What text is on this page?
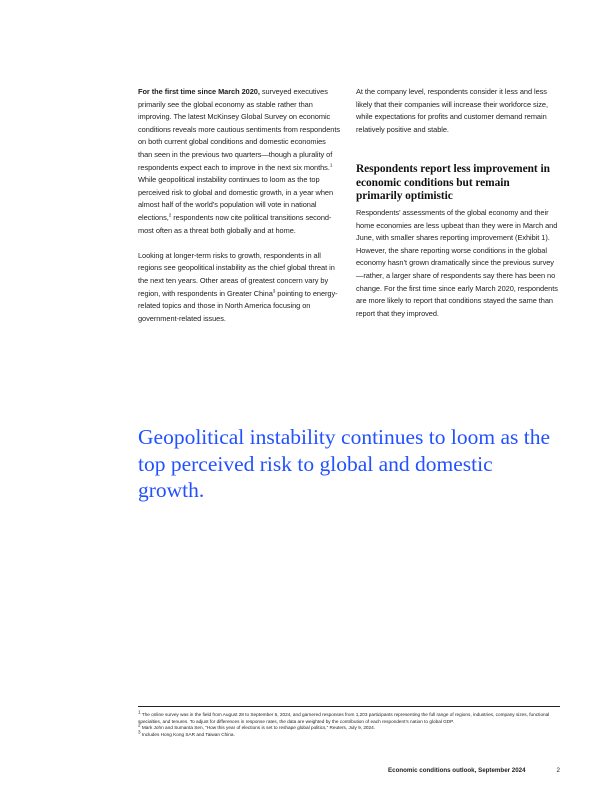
For the first time since March 2020, surveyed executives primarily see the global economy as stable rather than improving. The latest McKinsey Global Survey on economic conditions reveals more cautious sentiments from respondents on both current global conditions and domestic economies than seen in the previous two quarters—though a plurality of respondents expect each to improve in the next six months.$^1$ While geopolitical instability continues to loom as the top perceived risk to global and domestic growth, in a year when almost half of the world’s population will vote in national elections,$^2$ respondents now cite political transitions second-most often as a threat both globally and at home.

Looking at longer-term risks to growth, respondents in all regions see geopolitical instability as the chief global threat in the next ten years. Other areas of greatest concern vary by region, with respondents in Greater China$^3$ pointing to energy-related topics and those in North America focusing on government-related issues.

At the company level, respondents consider it less and less likely that their companies will increase their workforce size, while expectations for profits and customer demand remain relatively positive and stable.

Respondents report less improvement in economic conditions but remain primarily optimistic

Respondents’ assessments of the global economy and their home economies are less upbeat than they were in March and June, with smaller shares reporting improvement (Exhibit 1). However, the share reporting worse conditions in the global economy hasn’t grown dramatically since the previous survey—rather, a larger share of respondents say there has been no change. For the first time since early March 2020, respondents are more likely to report that conditions stayed the same than report that they improved.

Geopolitical instability continues to loom as the top perceived risk to global and domestic growth.

$^1$ The online survey was in the field from August 28 to September 6, 2024, and garnered responses from 1,203 participants representing the full range of regions, industries, company sizes, functional specialties, and tenures. To adjust for differences in response rates, the data are weighted by the contribution of each respondent’s nation to global GDP.

$^2$ Mark John and Sumanta Sen, “How this year of elections is set to reshape global politics,” Reuters, July 9, 2024.

$^3$ Includes Hong Kong SAR and Taiwan China.

Economic conditions outlook, September 2024	2
